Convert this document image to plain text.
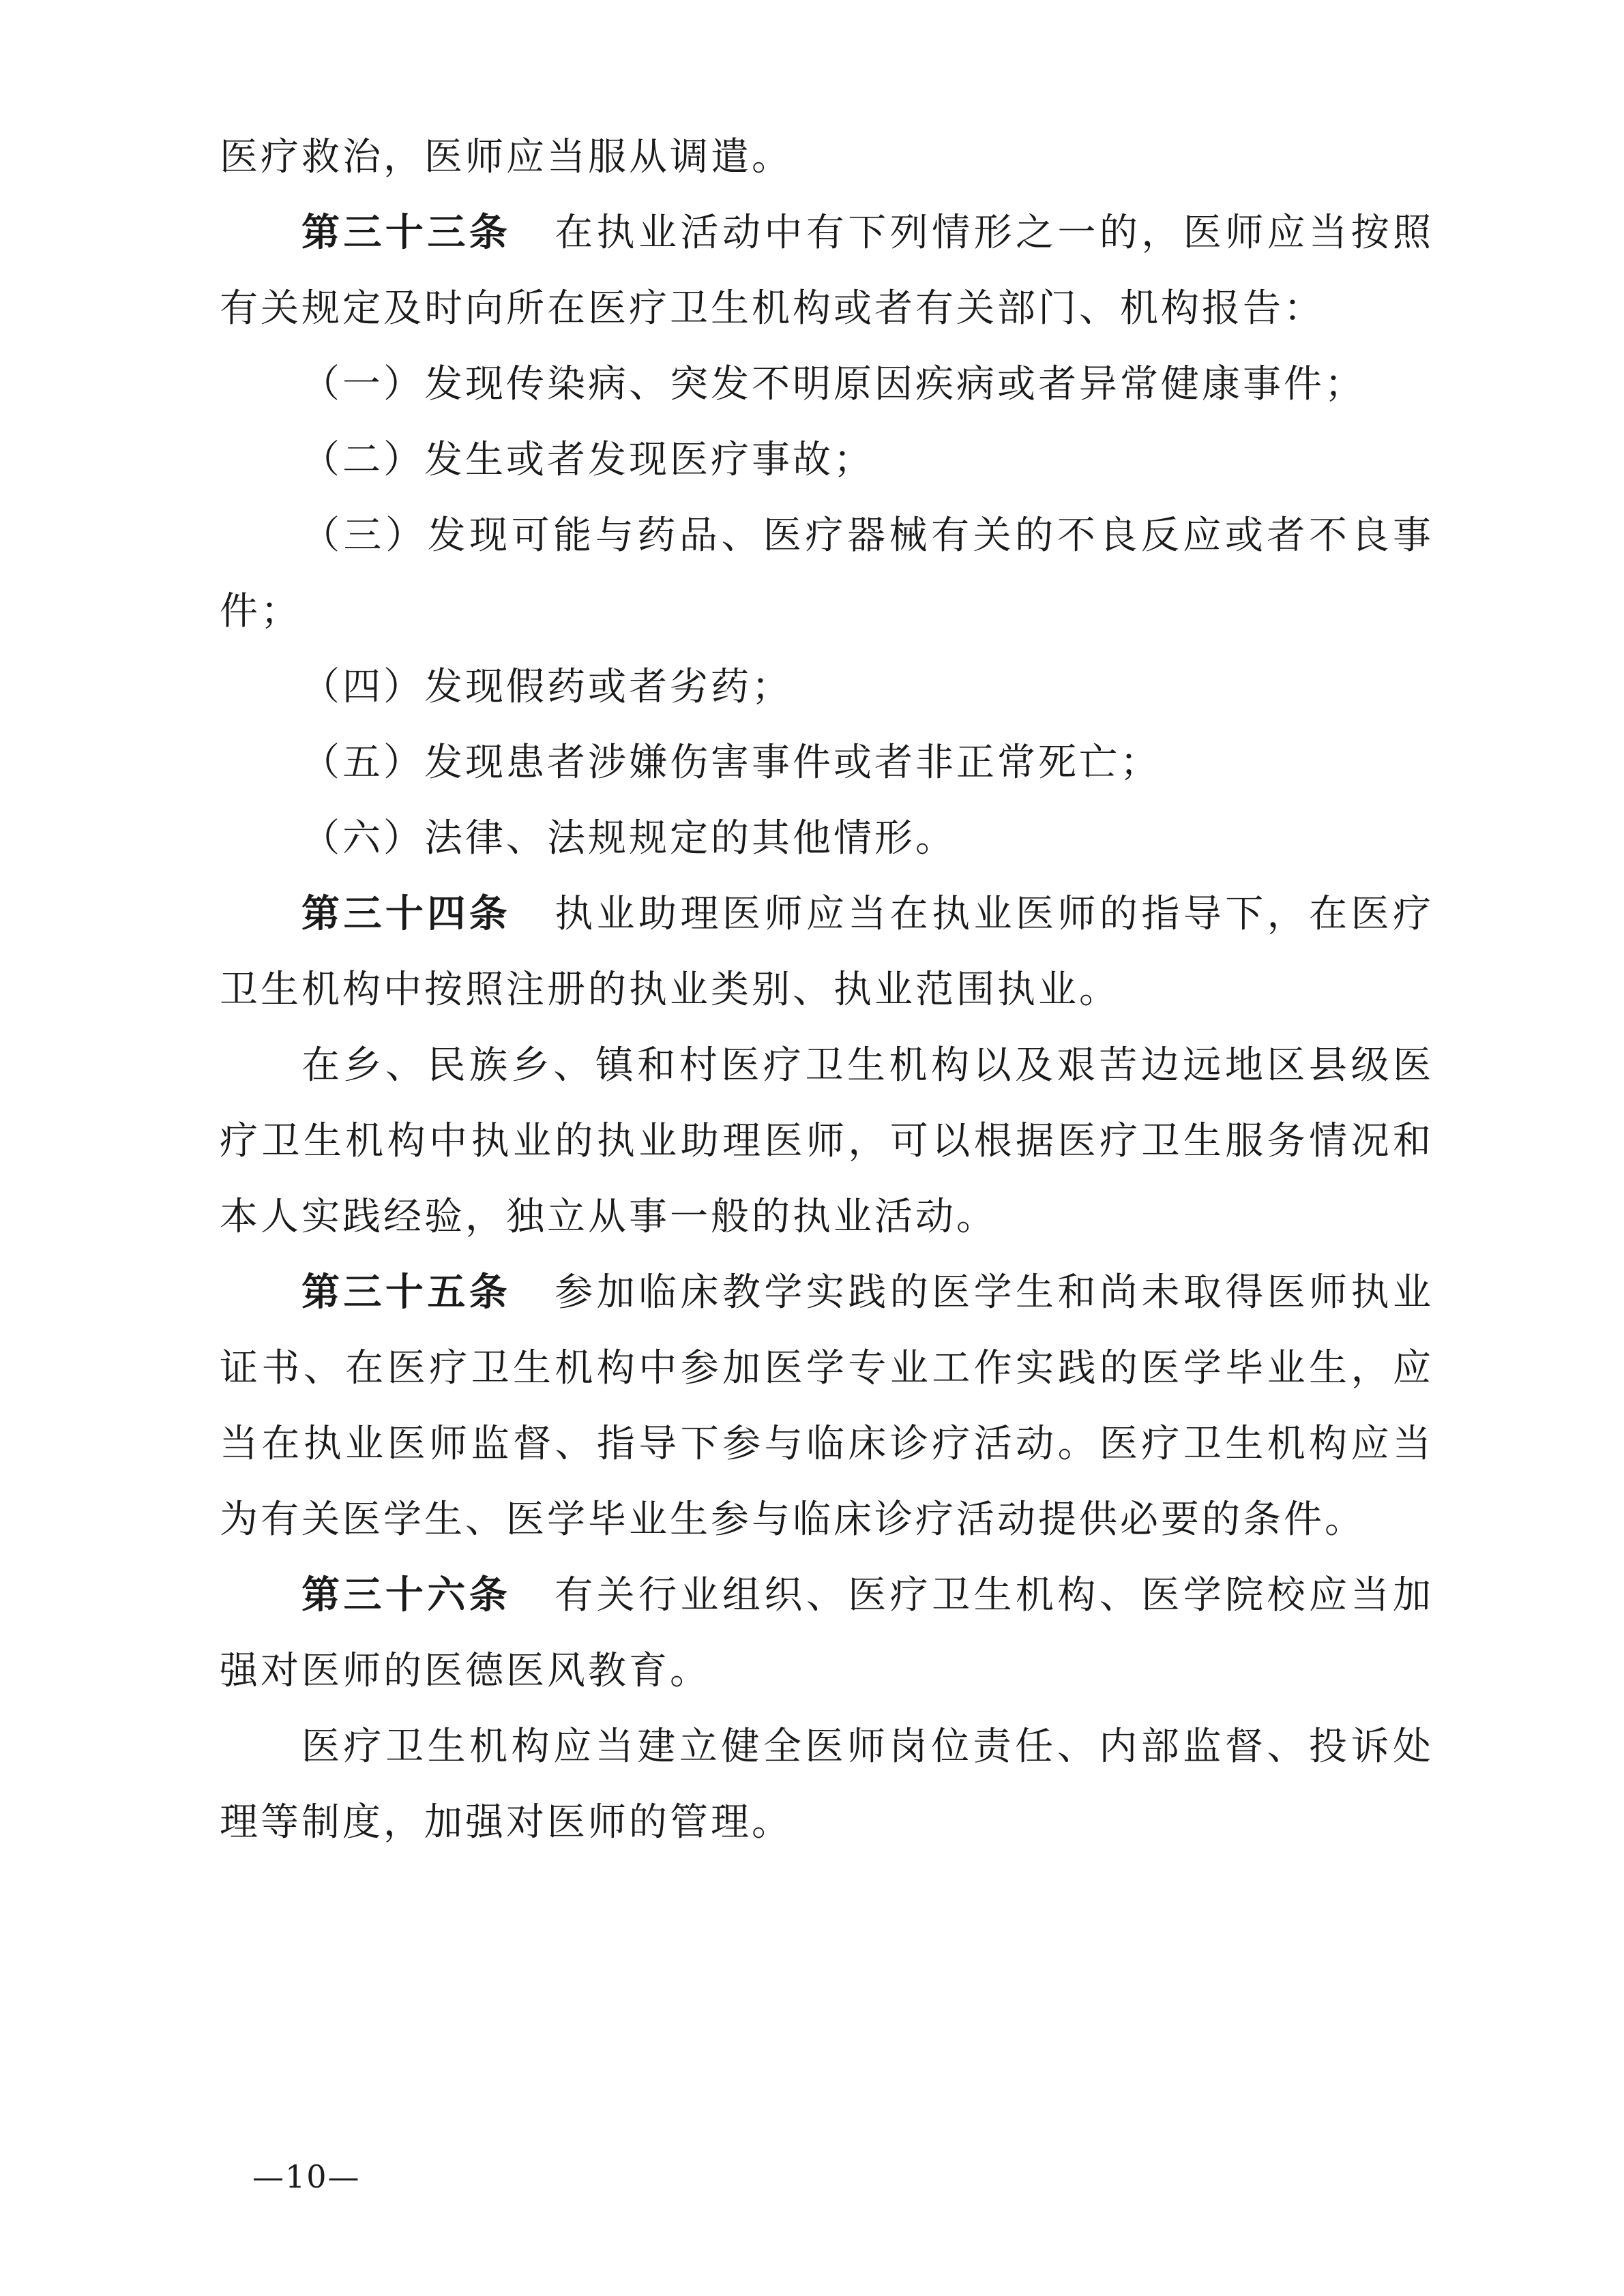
医疗救治，医师应当服从调遣。

第三十三条 在执业活动中有下列情形之一的，医师应当按照有关规定及时向所在医疗卫生机构或者有关部门、机构报告：

（一）发现传染病、突发不明原因疾病或者异常健康事件；

（二）发生或者发现医疗事故；

（三）发现可能与药品、医疗器械有关的不良反应或者不良事件；

（四）发现假药或者劣药；

（五）发现患者涉嫌伤害事件或者非正常死亡；

（六）法律、法规规定的其他情形。

第三十四条 执业助理医师应当在执业医师的指导下，在医疗卫生机构中按照注册的执业类别、执业范围执业。

在乡、民族乡、镇和村医疗卫生机构以及艰苦边远地区县级医疗卫生机构中执业的执业助理医师，可以根据医疗卫生服务情况和本人实践经验，独立从事一般的执业活动。

第三十五条 参加临床教学实践的医学生和尚未取得医师执业证书、在医疗卫生机构中参加医学专业工作实践的医学毕业生，应当在执业医师监督、指导下参与临床诊疗活动。医疗卫生机构应当为有关医学生、医学毕业生参与临床诊疗活动提供必要的条件。

第三十六条 有关行业组织、医疗卫生机构、医学院校应当加强对医师的医德医风教育。

医疗卫生机构应当建立健全医师岗位责任、内部监督、投诉处理等制度，加强对医师的管理。

—10—
